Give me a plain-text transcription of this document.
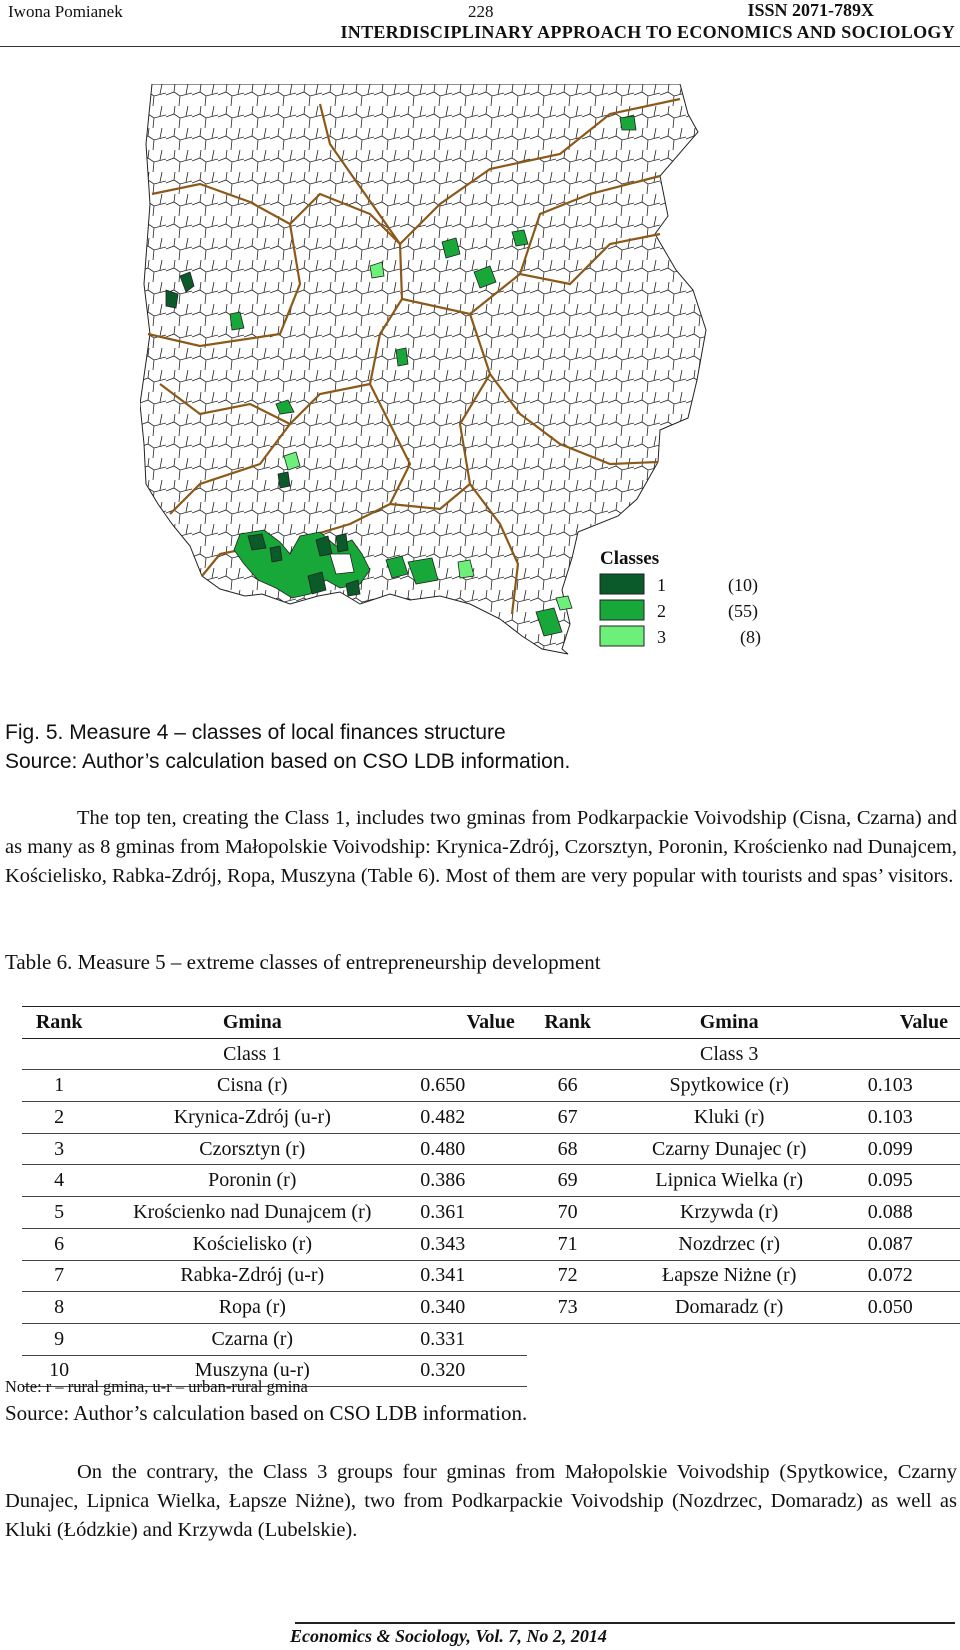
Iwona Pomianek	228	ISSN 2071-789X
INTERDISCIPLINARY APPROACH TO ECONOMICS AND SOCIOLOGY
Classes
1	(10)
2	(55)
3	(8)
Fig. 5. Measure 4 – classes of local finances structure
Source: Author’s calculation based on CSO LDB information.
The top ten, creating the Class 1, includes two gminas from Podkarpackie Voivodship (Cisna, Czarna) and as many as 8 gminas from Małopolskie Voivodship: Krynica-Zdrój, Czorsztyn, Poronin, Krościenko nad Dunajcem, Kościelisko, Rabka-Zdrój, Ropa, Muszyna (Table 6). Most of them are very popular with tourists and spas’ visitors.
Table 6. Measure 5 – extreme classes of entrepreneurship development
Rank	Gmina	Value	Rank	Gmina	Value
	Class 1			Class 3	
1	Cisna (r)	0.650	66	Spytkowice (r)	0.103
2	Krynica-Zdrój (u-r)	0.482	67	Kluki (r)	0.103
3	Czorsztyn (r)	0.480	68	Czarny Dunajec (r)	0.099
4	Poronin (r)	0.386	69	Lipnica Wielka (r)	0.095
5	Krościenko nad Dunajcem (r)	0.361	70	Krzywda (r)	0.088
6	Kościelisko (r)	0.343	71	Nozdrzec (r)	0.087
7	Rabka-Zdrój (u-r)	0.341	72	Łapsze Niżne (r)	0.072
8	Ropa (r)	0.340	73	Domaradz (r)	0.050
9	Czarna (r)	0.331			
10	Muszyna (u-r)	0.320			
Note: r – rural gmina, u-r – urban-rural gmina
Source: Author’s calculation based on CSO LDB information.
On the contrary, the Class 3 groups four gminas from Małopolskie Voivodship (Spytkowice, Czarny Dunajec, Lipnica Wielka, Łapsze Niżne), two from Podkarpackie Voivodship (Nozdrzec, Domaradz) as well as Kluki (Łódzkie) and Krzywda (Lubelskie).
Economics & Sociology, Vol. 7, No 2, 2014
